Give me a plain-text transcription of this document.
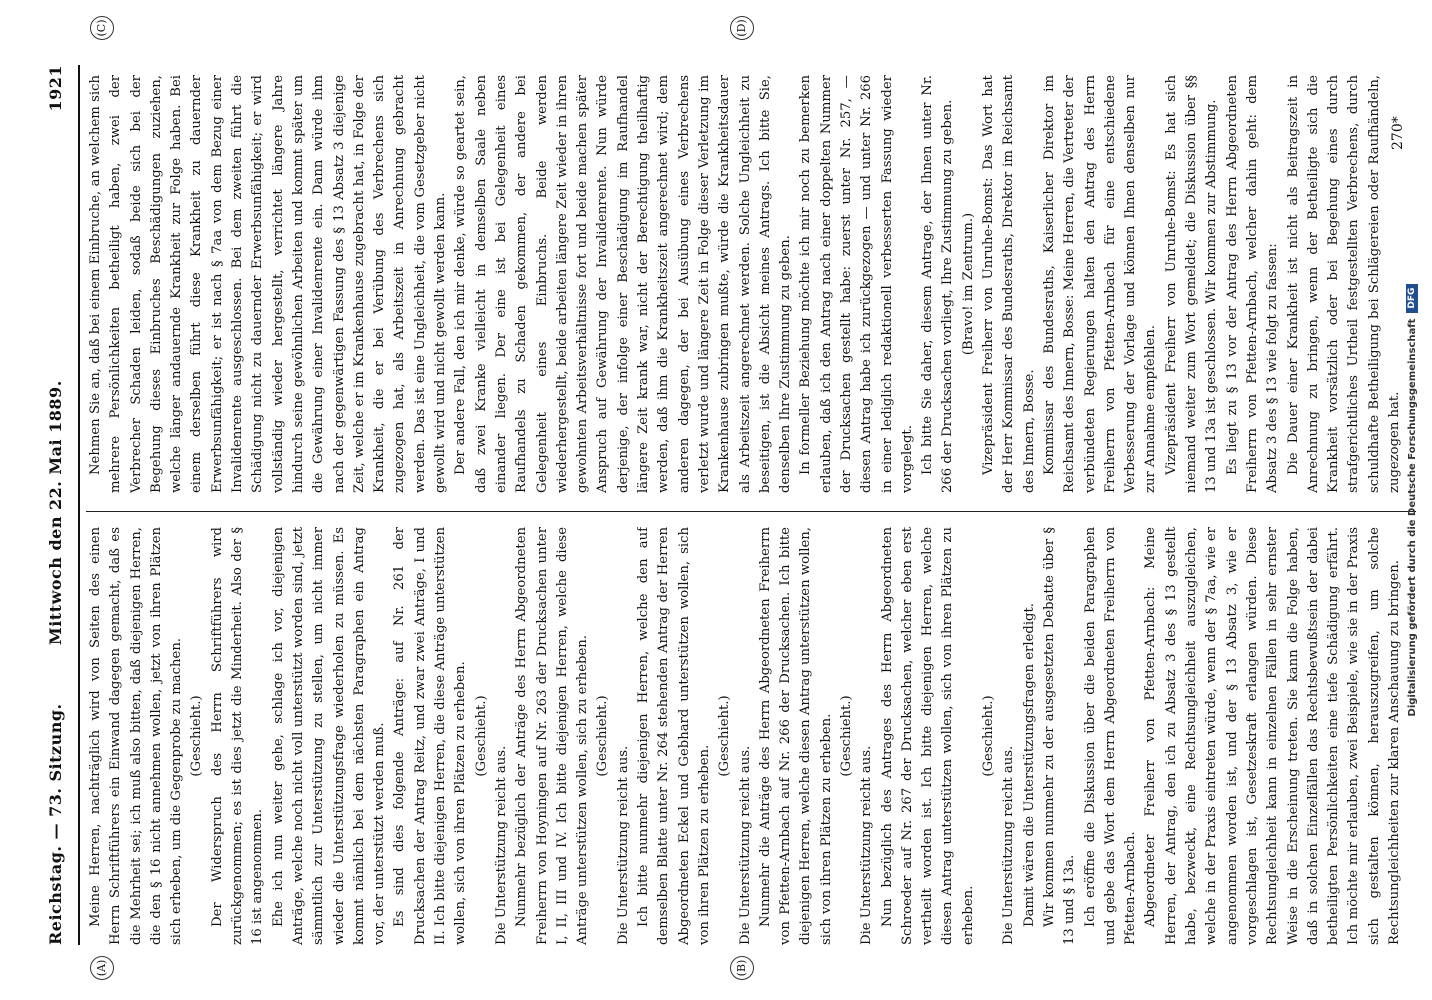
Reichstag. — 73. Sitzung.
Mittwoch den 22. Mai 1889.
1921
(A)	(B)
(C)	(D)

Meine Herren, nachträglich wird von Seiten des einen Herrn Schriftführers ein Einwand dagegen gemacht, daß es die Mehrheit sei; ich muß also bitten, daß diejenigen Herren, die den § 16 nicht annehmen wollen, jetzt von ihren Plätzen sich erheben, um die Gegenprobe zu machen. (Geschieht.) Der Widerspruch des Herrn Schriftführers wird zurückgenommen; es ist dies jetzt die Minderheit. Also der § 16 ist angenommen. Ehe ich nun weiter gehe, schlage ich vor, diejenigen Anträge, welche noch nicht voll unterstützt worden sind, jetzt sämmtlich zur Unterstützung zu stellen, um nicht immer wieder die Unterstützungsfrage wiederholen zu müssen. Es kommt nämlich bei dem nächsten Paragraphen ein Antrag vor, der unterstützt werden muß. Es sind dies folgende Anträge: auf Nr. 261 der Drucksachen der Antrag Reitz, und zwar zwei Anträge, I und II. Ich bitte diejenigen Herren, die diese Anträge unterstützen wollen, sich von ihren Plätzen zu erheben. (Geschieht.)

Die Unterstützung reicht aus. Nunmehr bezüglich der Anträge des Herrn Abgeordneten Freiherrn von Hoyningen auf Nr. 263 der Drucksachen unter I, II, III und IV. Ich bitte diejenigen Herren, welche diese Anträge unterstützen wollen, sich zu erheben. (Geschieht.)

Die Unterstützung reicht aus. Ich bitte nunmehr diejenigen Herren, welche den auf demselben Blatte unter Nr. 264 stehenden Antrag der Herren Abgeordneten Eckel und Gebhard unterstützen wollen, sich von ihren Plätzen zu erheben.

(Geschieht.)

Die Unterstützung reicht aus. Nunmehr die Anträge des Herrn Abgeordneten Freiherrn von Pfetten-Arnbach auf Nr. 266 der Drucksachen. Ich bitte diejenigen Herren, welche diesen Antrag unterstützen wollen, sich von ihren Plätzen zu erheben. (Geschieht.)

Die Unterstützung reicht aus. Nun bezüglich des Antrages des Herrn Abgeordneten Schroeder auf Nr. 267 der Drucksachen, welcher eben erst vertheilt worden ist. Ich bitte diejenigen Herren, welche diesen Antrag unterstützen wollen, sich von ihren Plätzen zu erheben.

(Geschieht.)

Die Unterstützung reicht aus. Damit wären die Unterstützungsfragen erledigt. Wir kommen nunmehr zu der ausgesetzten Debatte über § 13 und § 13a. Ich eröffne die Diskussion über die beiden Paragraphen und gebe das Wort dem Herrn Abgeordneten Freiherrn von Pfetten-Arnbach. Abgeordneter Freiherr von Pfetten-Arnbach: Meine Herren, der Antrag, den ich zu Absatz 3 des § 13 gestellt habe, bezweckt, eine Rechtsungleichheit auszugleichen, welche in der Praxis eintreten würde, wenn der § 7aa, wie er angenommen worden ist, und der § 13 Absatz 3, wie er vorgeschlagen ist, Gesetzeskraft erlangen würden. Diese Rechtsungleichheit kann in einzelnen Fällen in sehr ernster Weise in die Erscheinung treten. Sie kann die Folge haben, daß in solchen Einzelfällen das Rechtsbewußtsein der dabei betheiligten Persönlichkeiten eine tiefe Schädigung erfährt. Ich möchte mir erlauben, zwei Beispiele, wie sie in der Praxis sich gestalten können, herauszugreifen, um solche Rechtsungleichheiten zur klaren Anschauung zu bringen.

Nehmen Sie an, daß bei einem Einbruche, an welchem sich mehrere Persönlichkeiten betheiligt haben, zwei der Verbrecher Schaden leiden, sodaß beide sich bei der Begehung dieses Einbruches Beschädigungen zuziehen, welche länger andauernde Krankheit zur Folge haben. Bei einem derselben führt diese Krankheit zu dauernder Erwerbsunfähigkeit; er ist nach § 7aa von dem Bezug einer Invalidenrente ausgeschlossen. Bei dem zweiten führt die Schädigung nicht zu dauernder Erwerbsunfähigkeit; er wird vollständig wieder hergestellt, verrichtet längere Jahre hindurch seine gewöhnlichen Arbeiten und kommt später um die Gewährung einer Invalidenrente ein. Dann würde ihm nach der gegenwärtigen Fassung des § 13 Absatz 3 diejenige Zeit, welche er im Krankenhause zugebracht hat, in Folge der Krankheit, die er bei Verübung des Verbrechens sich zugezogen hat, als Arbeitszeit in Anrechnung gebracht werden. Das ist eine Ungleichheit, die vom Gesetzgeber nicht gewollt wird und nicht gewollt werden kann. Der andere Fall, den ich mir denke, würde so geartet sein, daß zwei Kranke vielleicht in demselben Saale neben einander liegen. Der eine ist bei Gelegenheit eines Raufhandels zu Schaden gekommen, der andere bei Gelegenheit eines Einbruchs. Beide werden wiederhergestellt, beide arbeiten längere Zeit wieder in ihren gewohnten Arbeitsverhältnisse fort und beide machen später Anspruch auf Gewährung der Invalidenrente. Nun würde derjenige, der infolge einer Beschädigung im Raufhandel längere Zeit krank war, nicht der Berechtigung theilhaftig werden, daß ihm die Krankheitszeit angerechnet wird; dem anderen dagegen, der bei Ausübung eines Verbrechens verletzt wurde und längere Zeit in Folge dieser Verletzung im Krankenhause zubringen mußte, würde die Krankheitsdauer als Arbeitszeit angerechnet werden. Solche Ungleichheit zu beseitigen, ist die Absicht meines Antrags. Ich bitte Sie, denselben Ihre Zustimmung zu geben. In formeller Beziehung möchte ich mir noch zu bemerken erlauben, daß ich den Antrag nach einer doppelten Nummer der Drucksachen gestellt habe: zuerst unter Nr. 257, — diesen Antrag habe ich zurückgezogen — und unter Nr. 266 in einer lediglich redaktionell verbesserten Fassung wieder vorgelegt. Ich bitte Sie daher, diesem Antrage, der Ihnen unter Nr. 266 der Drucksachen vorliegt, Ihre Zustimmung zu geben. (Bravo! im Zentrum.) Vizepräsident Freiherr von Unruhe-Bomst: Das Wort hat der Herr Kommissar des Bundesraths, Direktor im Reichsamt des Innern, Bosse. Kommissar des Bundesraths, Kaiserlicher Direktor im Reichsamt des Innern, Bosse: Meine Herren, die Vertreter der verbündeten Regierungen halten den Antrag des Herrn Freiherrn von Pfetten-Arnbach für eine entschiedene Verbesserung der Vorlage und können Ihnen denselben nur zur Annahme empfehlen. Vizepräsident Freiherr von Unruhe-Bomst: Es hat sich niemand weiter zum Wort gemeldet; die Diskussion über §§ 13 und 13a ist geschlossen. Wir kommen zur Abstimmung. Es liegt zu § 13 vor der Antrag des Herrn Abgeordneten Freiherrn von Pfetten-Arnbach, welcher dahin geht: dem Absatz 3 des § 13 wie folgt zu fassen: Die Dauer einer Krankheit ist nicht als Beitragszeit in Anrechnung zu bringen, wenn der Betheiligte sich die Krankheit vorsätzlich oder bei Begehung eines durch strafgerichtliches Urtheil festgestellten Verbrechens, durch schuldhafte Betheiligung bei Schlägereien oder Raufhändeln, zugezogen hat.

270*
Digitalisierung gefördert durch die Deutsche Forschungsgemeinschaft
DFG
